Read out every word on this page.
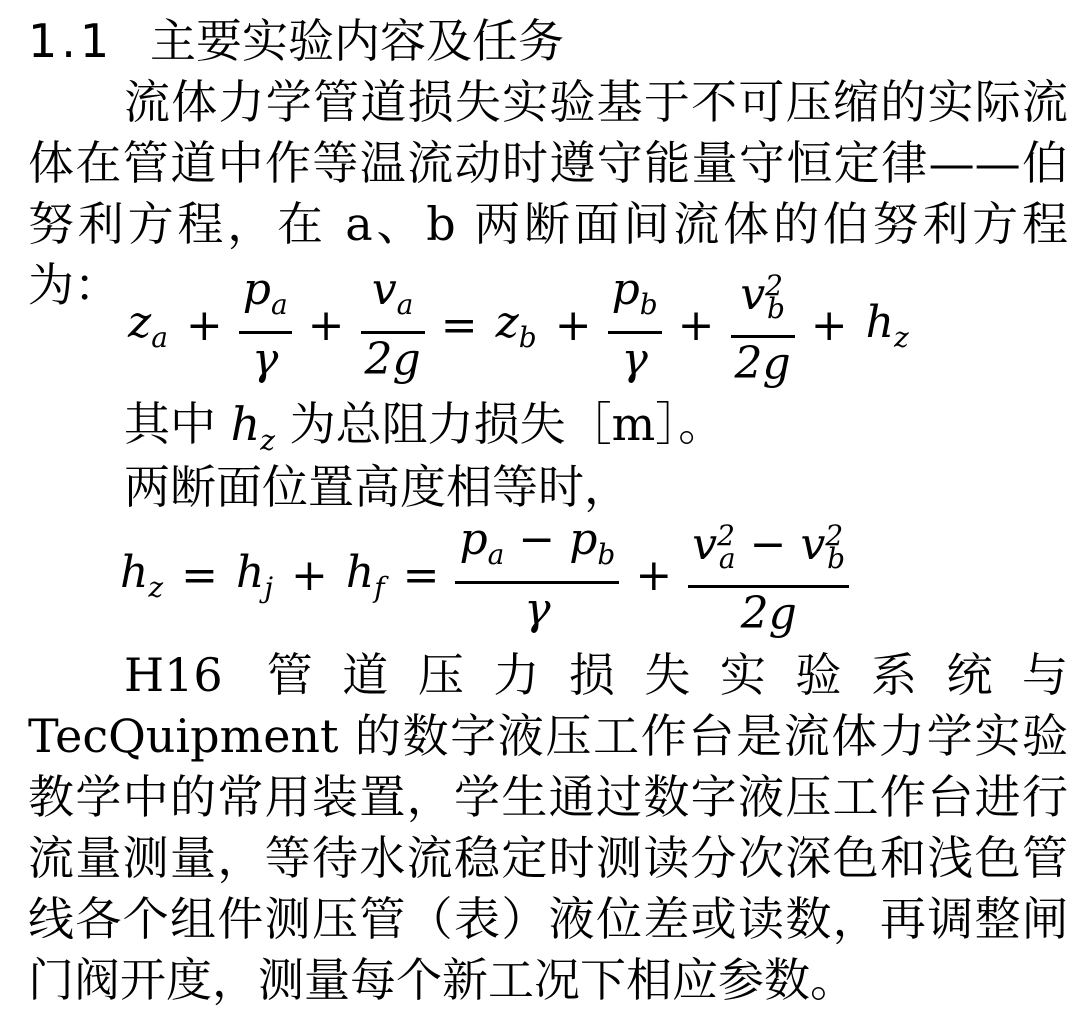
1.1 主要实验内容及任务

流体力学管道损失实验基于不可压缩的实际流体在管道中作等温流动时遵守能量守恒定律——伯努利方程，在 a、b 两断面间流体的伯努利方程为：

$z_a + \frac{p_a}{\gamma} + \frac{v_a}{2g} = z_b + \frac{p_b}{\gamma} + \frac{v^2_b}{2g} + h_z$
其中 $h_z$ 为总阻力损失［m］。
两断面位置高度相等时，
$h_z = h_j + h_f = \frac{p_a - p_b}{\gamma} + \frac{v^2_a - v^2_b}{2g}$

H16 管道压力损失实验系统与 TecQuipment 的数字液压工作台是流体力学实验教学中的常用装置，学生通过数字液压工作台进行流量测量，等待水流稳定时测读分次深色和浅色管线各个组件测压管（表）液位差或读数，再调整闸门阀开度，测量每个新工况下相应参数。
